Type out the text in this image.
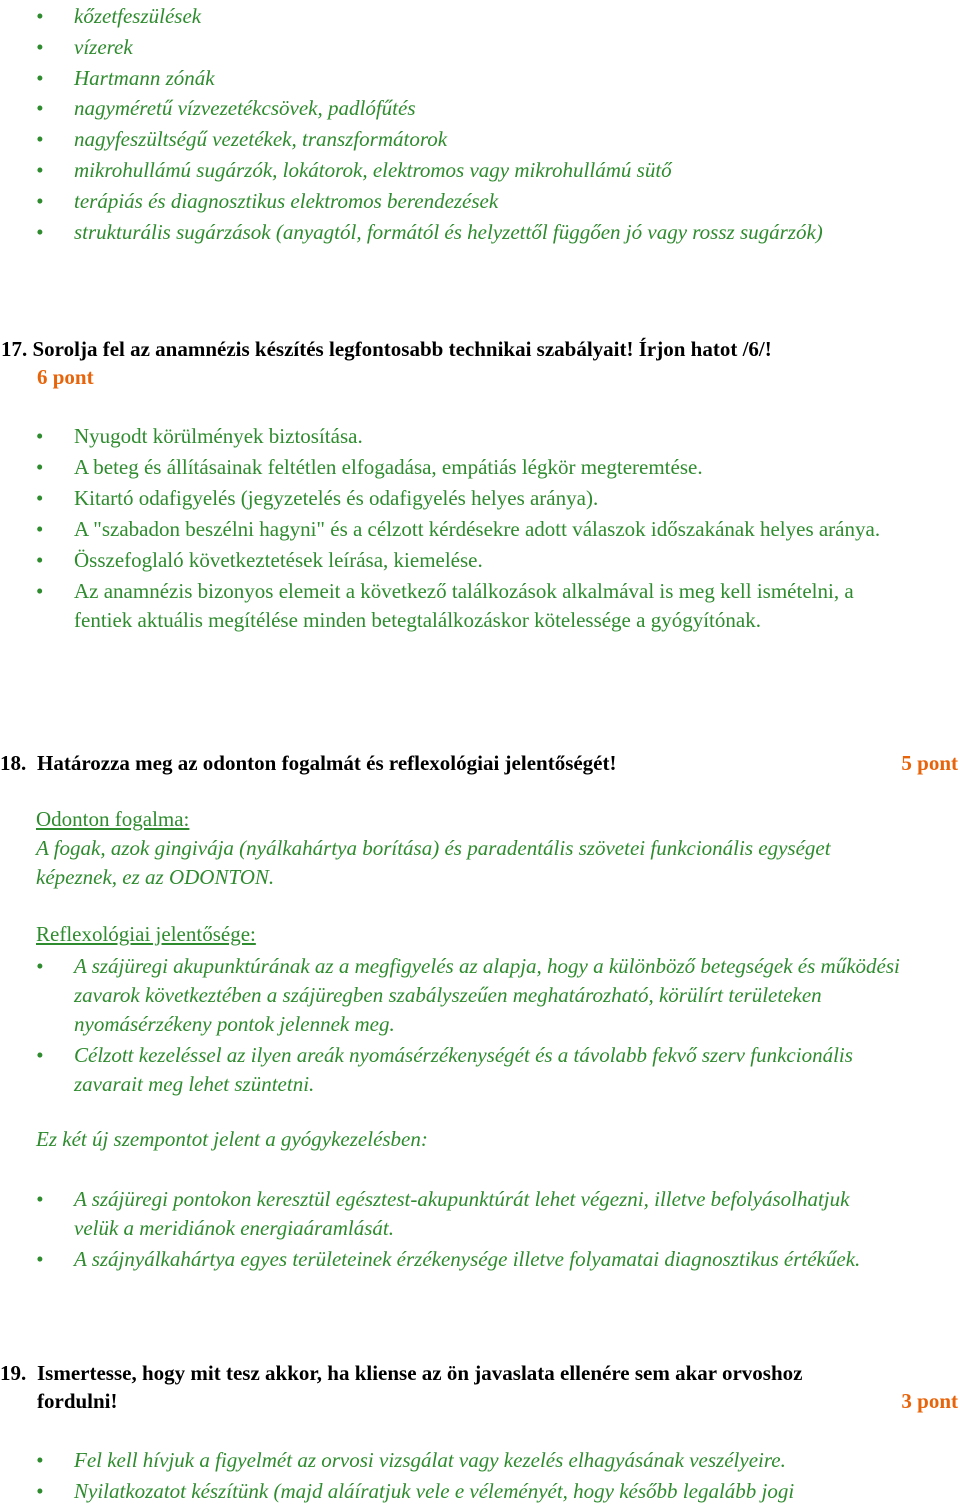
• kőzetfeszülések
• vízerek
• Hartmann zónák
• nagyméretű vízvezetékcsövek, padlófűtés
• nagyfeszültségű vezetékek, transzformátorok
• mikrohullámú sugárzók, lokátorok, elektromos vagy mikrohullámú sütő
• terápiás és diagnosztikus elektromos berendezések
• strukturális sugárzások (anyagtól, formától és helyzettől függően jó vagy rossz sugárzók)
17. Sorolja fel az anamnézis készítés legfontosabb technikai szabályait! Írjon hatot /6/!
6 pont
• Nyugodt körülmények biztosítása.
• A beteg és állításainak feltétlen elfogadása, empátiás légkör megteremtése.
• Kitartó odafigyelés (jegyzetelés és odafigyelés helyes aránya).
• A "szabadon beszélni hagyni" és a célzott kérdésekre adott válaszok időszakának helyes aránya.
• Összefoglaló következtetések leírása, kiemelése.
• Az anamnézis bizonyos elemeit a következő találkozások alkalmával is meg kell ismételni, a fentiek aktuális megítélése minden betegtalálkozáskor kötelessége a gyógyítónak.
18. Határozza meg az odonton fogalmát és reflexológiai jelentőségét!	5 pont
Odonton fogalma:
A fogak, azok gingivája (nyálkahártya borítása) és paradentális szövetei funkcionális egységet képeznek, ez az ODONTON.
Reflexológiai jelentősége:
• A szájüregi akupunktúrának az a megfigyelés az alapja, hogy a különböző betegségek és működési zavarok következtében a szájüregben szabályszeűen meghatározható, körülírt területeken nyomásérzékeny pontok jelennek meg.
• Célzott kezeléssel az ilyen areák nyomásérzékenységét és a távolabb fekvő szerv funkcionális zavarait meg lehet szüntetni.
Ez két új szempontot jelent a gyógykezelésben:
• A szájüregi pontokon keresztül egésztest-akupunktúrát lehet végezni, illetve befolyásolhatjuk velük a meridiánok energiaáramlását.
• A szájnyálkahártya egyes területeinek érzékenysége illetve folyamatai diagnosztikus értékűek.
19. Ismertesse, hogy mit tesz akkor, ha kliense az ön javaslata ellenére sem akar orvoshoz
fordulni!	3 pont
• Fel kell hívjuk a figyelmét az orvosi vizsgálat vagy kezelés elhagyásának veszélyeire.
• Nyilatkozatot készítünk (majd aláíratjuk vele e véleményét, hogy később legalább jogi
